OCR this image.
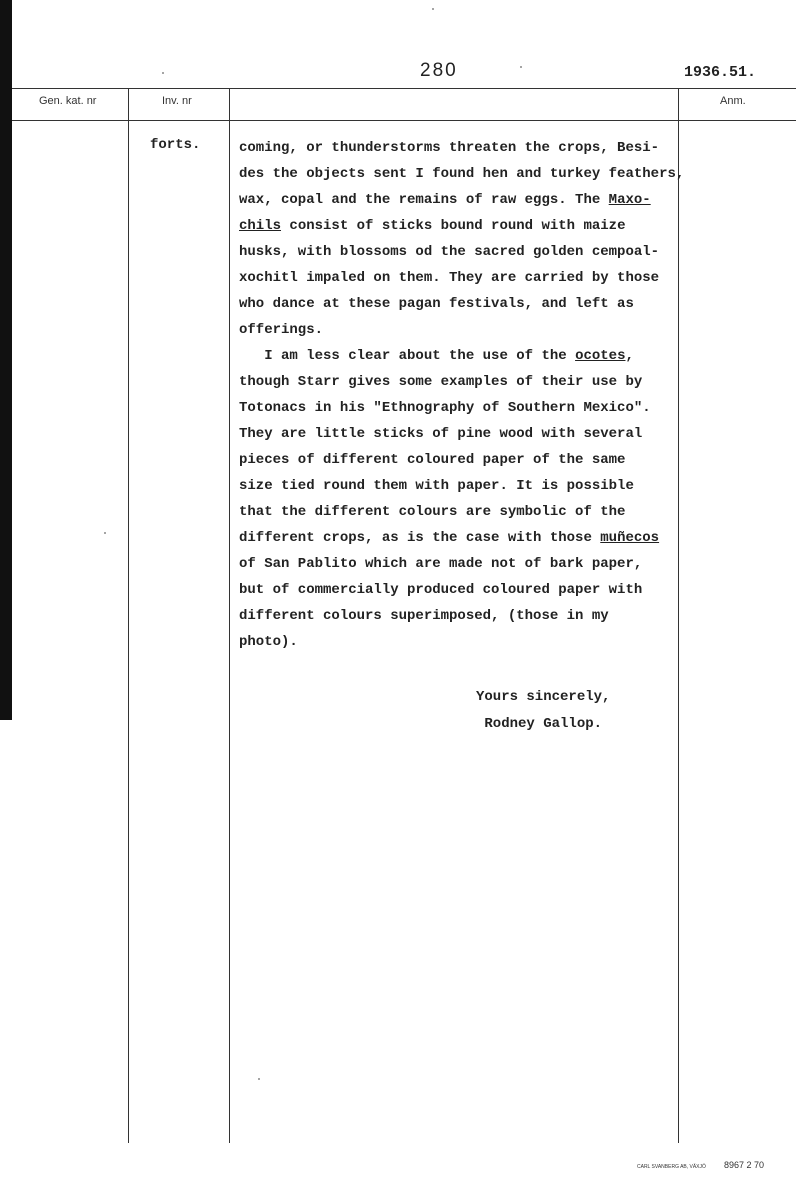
280	1936.51.
Gen. kat. nr	Inv. nr	Anm.
forts.	coming, or thunderstorms threaten the crops, Besi-
des the objects sent I found hen and turkey feathers,
wax, copal and the remains of raw eggs. The Maxo-
chils consist of sticks bound round with maize
husks, with blossoms od the sacred golden cempoal-
xochitl impaled on them. They are carried by those
who dance at these pagan festivals, and left as
offerings.
I am less clear about the use of the ocotes,
though Starr gives some examples of their use by
Totonacs in his "Ethnography of Southern Mexico".
They are little sticks of pine wood with several
pieces of different coloured paper of the same
size tied round them with paper. It is possible
that the different colours are symbolic of the
different crops, as is the case with those muñecos
of San Pablito which are made not of bark paper,
but of commercially produced coloured paper with
different colours superimposed, (those in my
photo).
Yours sincerely,
Rodney Gallop.
CARL SVANBERG AB, VÄXJÖ 8967 2 70
